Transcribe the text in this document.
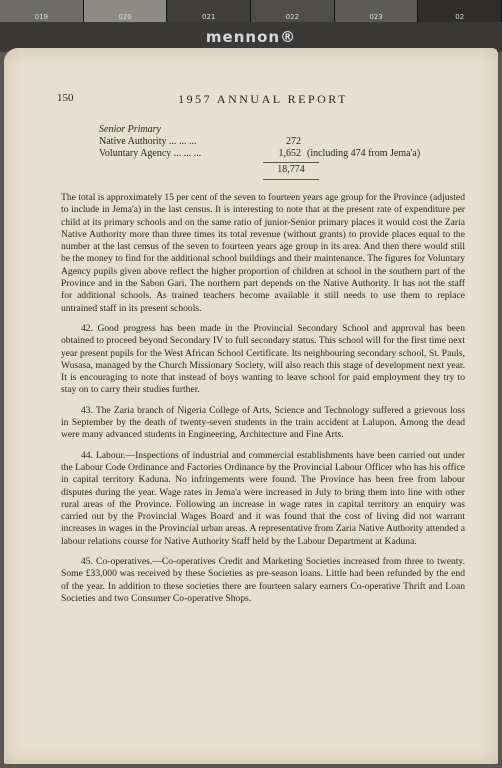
019	020	021	022	023	02
mennon®
150	1957 ANNUAL REPORT
Senior Primary
Native Authority ... ... ...	272
Voluntary Agency ... ... ...	1,652 (including 474 from Jema'a)
18,774

The total is approximately 15 per cent of the seven to fourteen years age group for the Province (adjusted to include in Jema'a) in the last census. It is interesting to note that at the present rate of expenditure per child at its primary schools and on the same ratio of junior-Senior primary places it would cost the Zaria Native Authority more than three times its total revenue (without grants) to provide places equal to the number at the last census of the seven to fourteen years age group in its area. And then there would still be the money to find for the additional school buildings and their maintenance. The figures for Voluntary Agency pupils given above reflect the higher proportion of children at school in the southern part of the Province and in the Sabon Gari. The northern part depends on the Native Authority. It has not the staff for additional schools. As trained teachers become available it still needs to use them to replace untrained staff in its present schools.

42. Good progress has been made in the Provincial Secondary School and approval has been obtained to proceed beyond Secondary IV to full secondary status. This school will for the first time next year present pupils for the West African School Certificate. Its neighbouring secondary school, St. Pauls, Wusasa, managed by the Church Missionary Society, will also reach this stage of development next year. It is encouraging to note that instead of boys wanting to leave school for paid employment they try to stay on to carry their studies further.

43. The Zaria branch of Nigeria College of Arts, Science and Technology suffered a grievous loss in September by the death of twenty-seven students in the train accident at Lalupon. Among the dead were many advanced students in Engineering, Architecture and Fine Arts.

44. Labour.—Inspections of industrial and commercial establishments have been carried out under the Labour Code Ordinance and Factories Ordinance by the Provincial Labour Officer who has his office in capital territory Kaduna. No infringements were found. The Province has been free from labour disputes during the year. Wage rates in Jema'a were increased in July to bring them into line with other rural areas of the Province. Following an increase in wage rates in capital territory an enquiry was carried out by the Provincial Wages Board and it was found that the cost of living did not warrant increases in wages in the Provincial urban areas. A representative from Zaria Native Authority attended a labour relations course for Native Authority Staff held by the Labour Department at Kaduna.

45. Co-operatives.—Co-operatives Credit and Marketing Societies increased from three to twenty. Some £33,000 was received by these Societies as pre-season loans. Little had been refunded by the end of the year. In addition to these societies there are fourteen salary earners Co-operative Thrift and Loan Societies and two Consumer Co-operative Shops.
